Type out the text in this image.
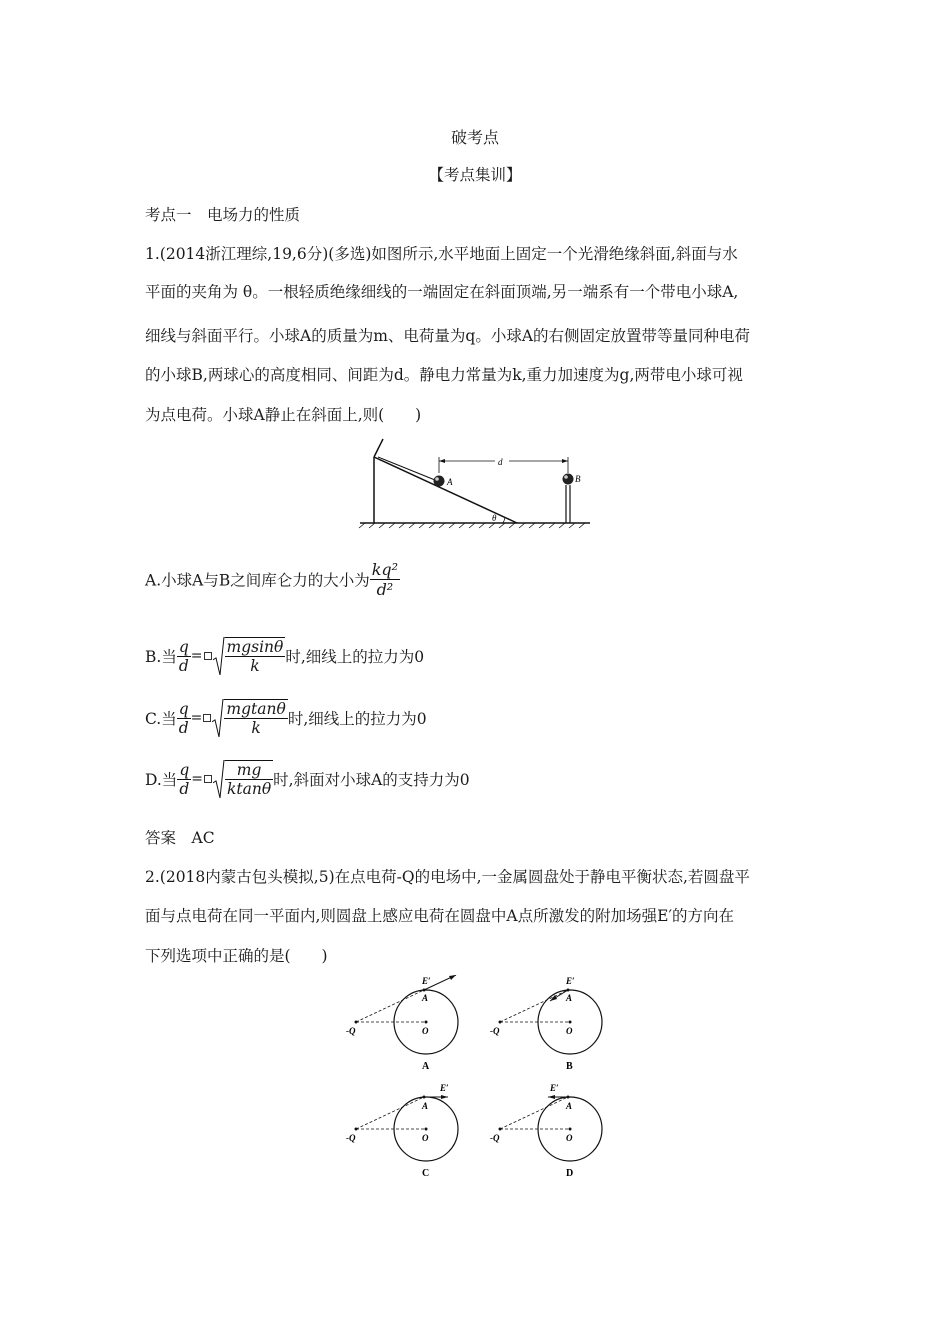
破考点
【考点集训】
考点一　电场力的性质
1.(2014浙江理综,19,6分)(多选)如图所示,水平地面上固定一个光滑绝缘斜面,斜面与水
平面的夹角为 θ。一根轻质绝缘细线的一端固定在斜面顶端,另一端系有一个带电小球A,
细线与斜面平行。小球A的质量为m、电荷量为q。小球A的右侧固定放置带等量同种电荷
的小球B,两球心的高度相同、间距为d。静电力常量为k,重力加速度为g,两带电小球可视
为点电荷。小球A静止在斜面上,则(　　)
A	B
d
θ
A.小球A与B之间库仑力的大小为 $\frac{\text{kq²}}{\text{d²}}$
B.当 $\frac{q}{d} = \frac{mgsin\theta}{k}$ 时,细线上的拉力为0
C.当 $\frac{q}{d} = \frac{mgtan\theta}{k}$ 时,细线上的拉力为0
D.当 $\frac{q}{d} = \frac{mg}{ktan\theta}$ 时,斜面对小球A的支持力为0
答案　AC
2.(2018内蒙古包头模拟,5)在点电荷-Q的电场中,一金属圆盘处于静电平衡状态,若圆盘平
面与点电荷在同一平面内,则圆盘上感应电荷在圆盘中A点所激发的附加场强E′的方向在
下列选项中正确的是(　　)
-Q	O
A
E′
A
-Q	O
A
E′
B
-Q	O
A
E′
C
-Q	O
A
E′
D
